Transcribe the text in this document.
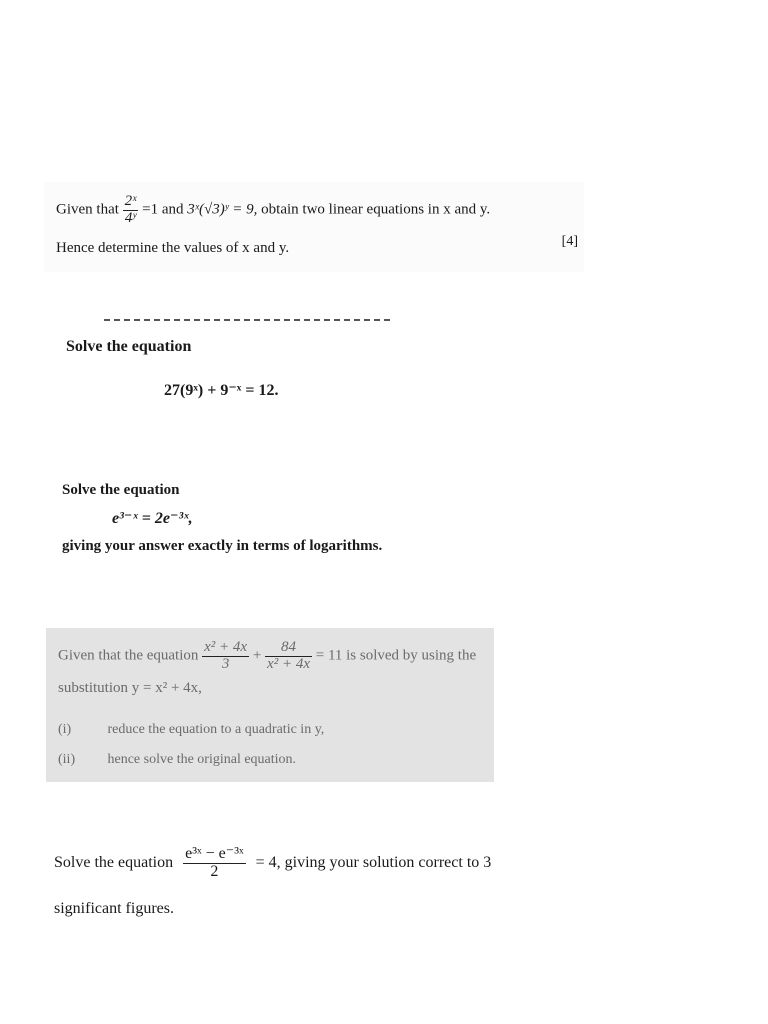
Given that $\frac{\text{2ˣ}}{\text{4ʸ}} =1$ and 3ˣ(√3)ʸ = 9, obtain two linear equations in x and y.
Hence determine the values of x and y.	[4]
Solve the equation
27(9ˣ) + 9⁻ˣ = 12.
Solve the equation
e³⁻ˣ = 2e⁻³ˣ,
giving your answer exactly in terms of logarithms.
Given that the equation $\frac{\text{x² + 4x}}{3} + \frac{84}{\text{x² + 4x}} = 11$ is solved by using the
substitution y = x² + 4x,
(i)	reduce the equation to a quadratic in y,
(ii) hence solve the original equation.
Solve the equation $\frac{\text{e³ˣ − e⁻³ˣ}}{2} = 4$, giving your solution correct to 3
significant figures.
